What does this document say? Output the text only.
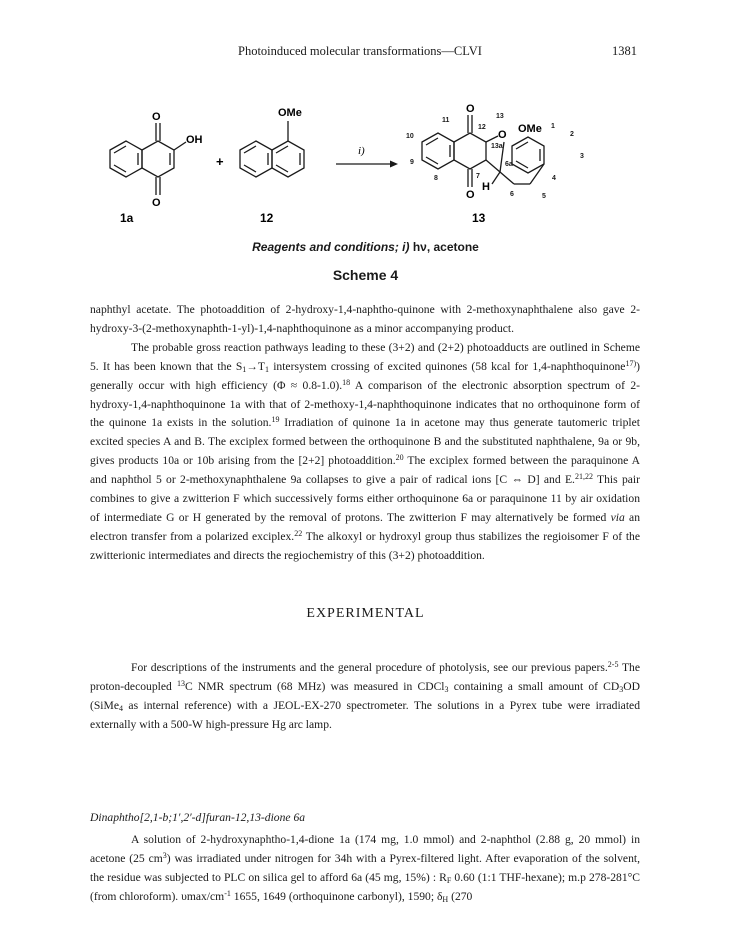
Photoinduced molecular transformations—CLVI	1381
O
O
OH
1a
+
OMe
12
i)
O
O
O
H
OMe 1
2
3
4
5
6
6a
7
8
9
10
11
12
13
13a
13
Reagents and conditions; i) hν, acetone
Scheme 4

naphthyl acetate. The photoaddition of 2-hydroxy-1,4-naphtho-quinone with 2-methoxynaphthalene also gave 2-hydroxy-3-(2-methoxynaphth-1-yl)-1,4-naphthoquinone as a minor accompanying product.

The probable gross reaction pathways leading to these (3+2) and (2+2) photoadducts are outlined in Scheme 5. It has been known that the $S_1\to T_1$ intersystem crossing of excited quinones (58 kcal for 1,4-naphthoquinone$^{17)}$) generally occur with high efficiency (Φ ≈ 0.8-1.0).$^{18}$ A comparison of the electronic absorption spectrum of 2-hydroxy-1,4-naphthoquinone 1a with that of 2-methoxy-1,4-naphthoquinone indicates that no orthoquinone form of the quinone 1a exists in the solution.$^{19}$ Irradiation of quinone 1a in acetone may thus generate tautomeric triplet excited species A and B. The exciplex formed between the orthoquinone B and the substituted naphthalene, 9a or 9b, gives products 10a or 10b arising from the [2+2] photoaddition.$^{20}$ The exciplex formed between the paraquinone A and naphthol 5 or 2-methoxynaphthalene 9a collapses to give a pair of radical ions [C ⇔ D] and E.$^{21,22}$ This pair combines to give a zwitterion F which successively forms either orthoquinone 6a or paraquinone 11 by air oxidation of intermediate G or H generated by the removal of protons. The zwitterion F may alternatively be formed via an electron transfer from a polarized exciplex.$^{22}$ The alkoxyl or hydroxyl group thus stabilizes the regioisomer F of the zwitterionic intermediates and directs the regiochemistry of this (3+2) photoaddition.

EXPERIMENTAL

For descriptions of the instruments and the general procedure of photolysis, see our previous papers.$^{2-5}$ The proton-decoupled $^{13}$C NMR spectrum (68 MHz) was measured in CDCl$_3$ containing a small amount of $CD_3OD$ (SiMe$_4$ as internal reference) with a JEOL-EX-270 spectrometer. The solutions in a Pyrex tube were irradiated externally with a 500-W high-pressure Hg arc lamp.

Dinaphtho[2,1-b;1′,2′-d]furan-12,13-dione 6a

A solution of 2-hydroxynaphtho-1,4-dione 1a (174 mg, 1.0 mmol) and 2-naphthol (2.88 g, 20 mmol) in acetone (25 $cm^3$) was irradiated under nitrogen for 34h with a Pyrex-filtered light. After evaporation of the solvent, the residue was subjected to PLC on silica gel to afford 6a (45 mg, 15%) : $R_F$ 0.60 (1:1 THF-hexane); m.p 278-281°C (from chloroform). υmax/$cm^{-1}$ 1655, 1649 (orthoquinone carbonyl), 1590; $\delta_H$ (270
